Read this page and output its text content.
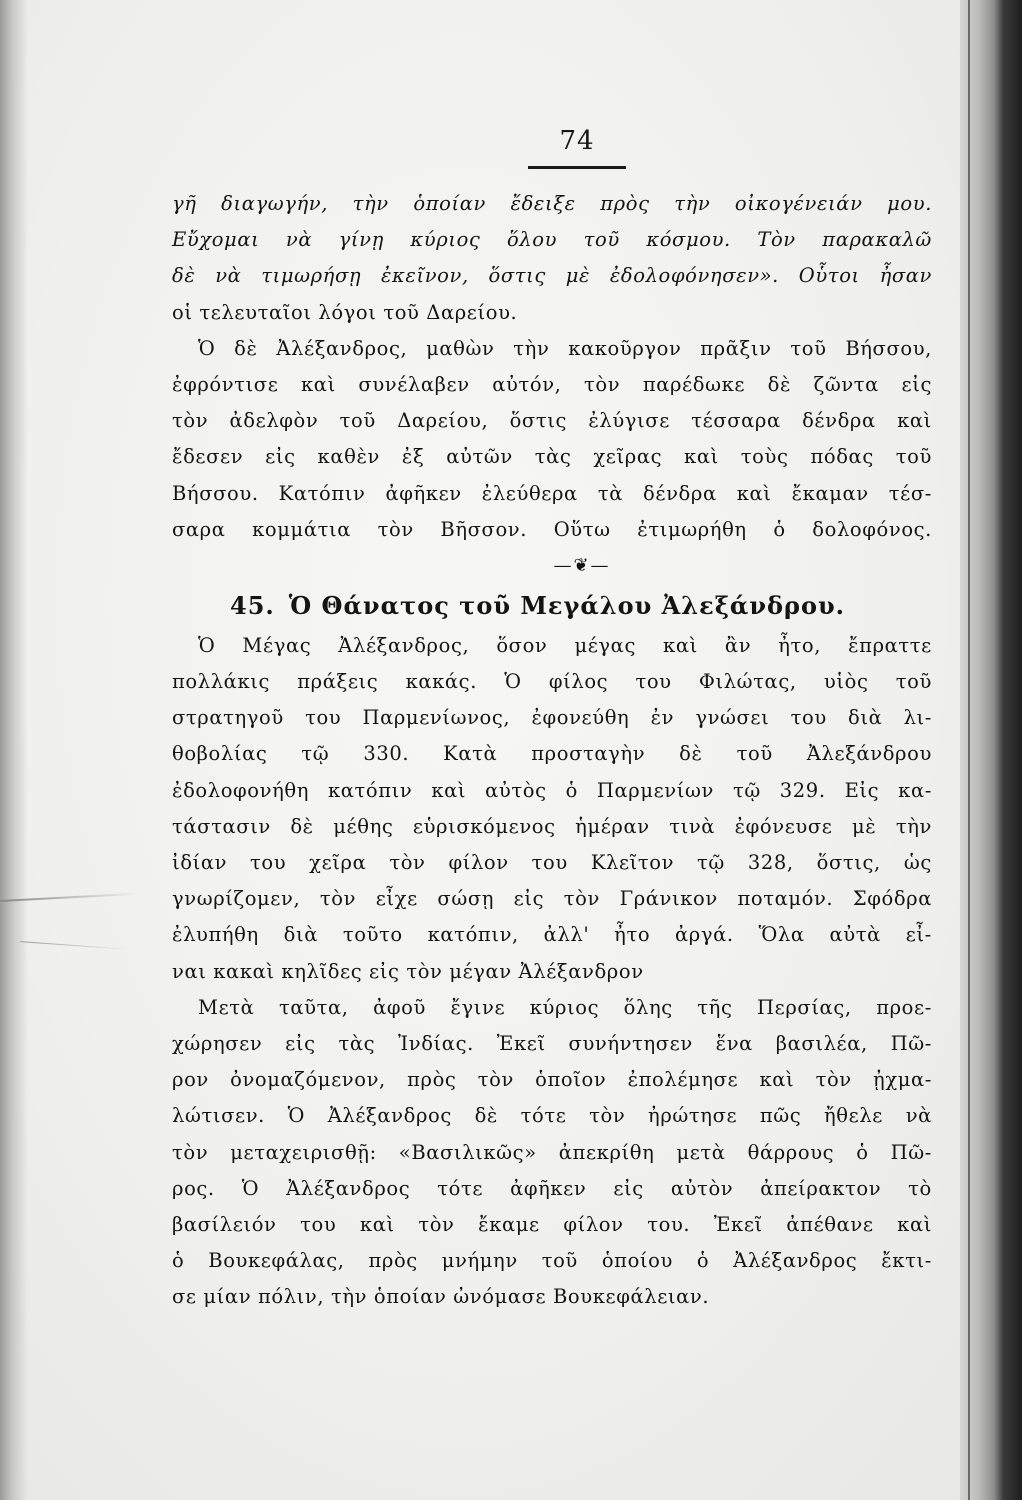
74
γῆ διαγωγήν, τὴν ὁποίαν ἔδειξε πρὸς τὴν οἰκογένειάν μου.
Εὔχομαι νὰ γίνῃ κύριος ὅλου τοῦ κόσμου. Τὸν παρακαλῶ
δὲ νὰ τιμωρήσῃ ἐκεῖνον, ὅστις μὲ ἐδολοφόνησεν». Οὗτοι ἦσαν
οἱ τελευταῖοι λόγοι τοῦ Δαρείου.
Ὁ δὲ Ἀλέξανδρος, μαθὼν τὴν κακοῦργον πρᾶξιν τοῦ Βήσσου,
ἐφρόντισε καὶ συνέλαβεν αὐτόν, τὸν παρέδωκε δὲ ζῶντα εἰς
τὸν ἀδελφὸν τοῦ Δαρείου, ὅστις ἐλύγισε τέσσαρα δένδρα καὶ
ἔδεσεν εἰς καθὲν ἐξ αὐτῶν τὰς χεῖρας καὶ τοὺς πόδας τοῦ
Βήσσου. Κατόπιν ἀφῆκεν ἐλεύθερα τὰ δένδρα καὶ ἔκαμαν τέσ-
σαρα κομμάτια τὸν Βῆσσον. Οὕτω ἐτιμωρήθη ὁ δολοφόνος.
—❦—
45. Ὁ Θάνατος τοῦ Μεγάλου Ἀλεξάνδρου.
Ὁ Μέγας Ἀλέξανδρος, ὅσον μέγας καὶ ἂν ἦτο, ἔπραττε
πολλάκις πράξεις κακάς. Ὁ φίλος του Φιλώτας, υἱὸς τοῦ
στρατηγοῦ του Παρμενίωνος, ἐφονεύθη ἐν γνώσει του διὰ λι-
θοβολίας τῷ 330. Κατὰ προσταγὴν δὲ τοῦ Ἀλεξάνδρου
ἐδολοφονήθη κατόπιν καὶ αὐτὸς ὁ Παρμενίων τῷ 329. Εἰς κα-
τάστασιν δὲ μέθης εὑρισκόμενος ἡμέραν τινὰ ἐφόνευσε μὲ τὴν
ἰδίαν του χεῖρα τὸν φίλον του Κλεῖτον τῷ 328, ὅστις, ὡς
γνωρίζομεν, τὸν εἶχε σώσῃ εἰς τὸν Γράνικον ποταμόν. Σφόδρα
ἐλυπήθη διὰ τοῦτο κατόπιν, ἀλλ' ἦτο ἀργά. Ὅλα αὐτὰ εἶ-
ναι κακαὶ κηλῖδες εἰς τὸν μέγαν Ἀλέξανδρον
Μετὰ ταῦτα, ἀφοῦ ἔγινε κύριος ὅλης τῆς Περσίας, προε-
χώρησεν εἰς τὰς Ἰνδίας. Ἐκεῖ συνήντησεν ἕνα βασιλέα, Πῶ-
ρον ὀνομαζόμενον, πρὸς τὸν ὁποῖον ἐπολέμησε καὶ τὸν ᾐχμα-
λώτισεν. Ὁ Ἀλέξανδρος δὲ τότε τὸν ἠρώτησε πῶς ἤθελε νὰ
τὸν μεταχειρισθῇ: «Βασιλικῶς» ἀπεκρίθη μετὰ θάρρους ὁ Πῶ-
ρος. Ὁ Ἀλέξανδρος τότε ἀφῆκεν εἰς αὐτὸν ἀπείρακτον τὸ
βασίλειόν του καὶ τὸν ἔκαμε φίλον του. Ἐκεῖ ἀπέθανε καὶ
ὁ Βουκεφάλας, πρὸς μνήμην τοῦ ὁποίου ὁ Ἀλέξανδρος ἔκτι-
σε μίαν πόλιν, τὴν ὁποίαν ὠνόμασε Βουκεφάλειαν.
